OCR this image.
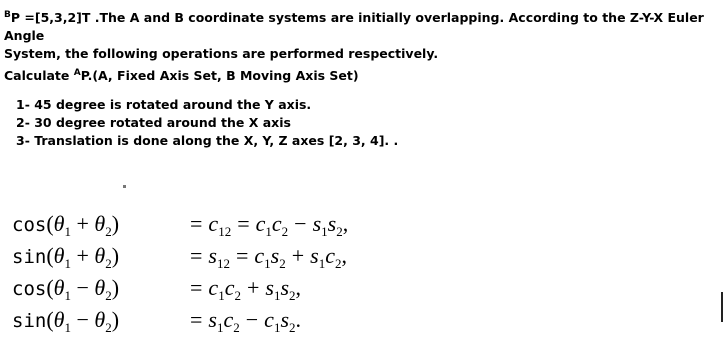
$^B$P =[5,3,2]T .The A and B coordinate systems are initially overlapping. According to the Z-Y-X Euler Angle
System, the following operations are performed respectively.
Calculate $^A$P.(A, Fixed Axis Set, B Moving Axis Set)
1- 45 degree is rotated around the Y axis.
2- 30 degree rotated around the X axis
3- Translation is done along the X, Y, Z axes [2, 3, 4]. .
$\cos(\theta_1 + \theta_2)$	= $c_{12} = c_1c_2 - s_1s_2$,
$\sin(\theta_1 + \theta_2)$	= $s_{12} = c_1s_2 + s_1c_2$,
$\cos(\theta_1 - \theta_2)$	= $c_1c_2 + s_1s_2$,
$\sin(\theta_1 - \theta_2)$	= $s_1c_2 - c_1s_2$.
